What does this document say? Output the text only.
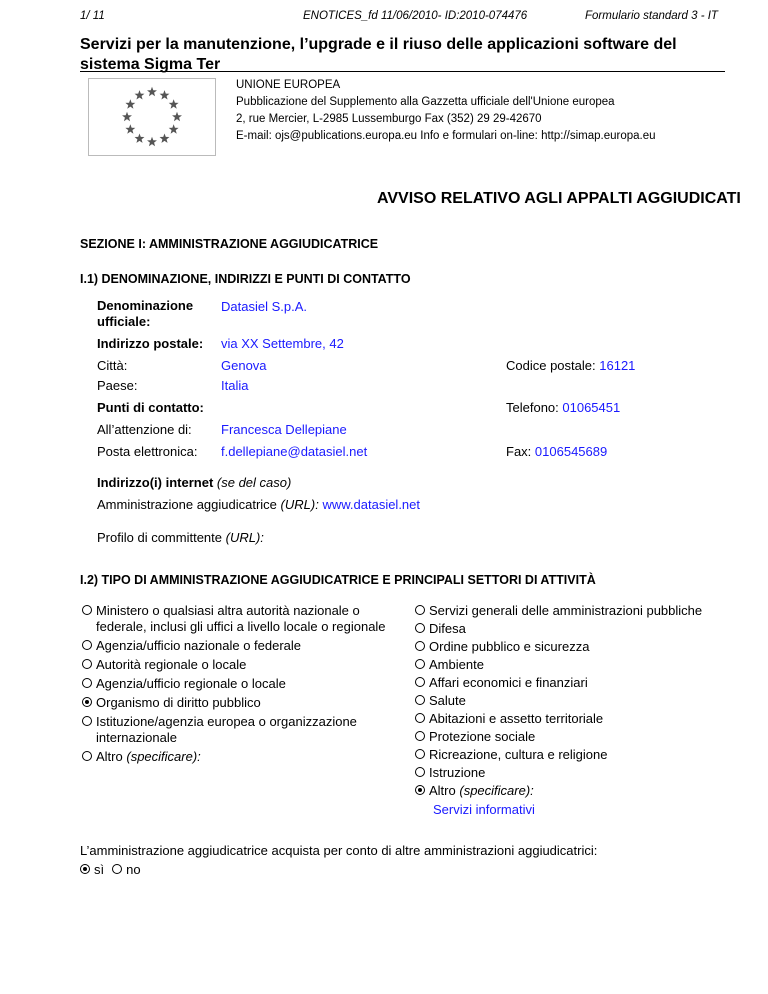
1/ 11	ENOTICES_fd 11/06/2010- ID:2010-074476	Formulario standard 3 - IT
Servizi per la manutenzione, l’upgrade e il riuso delle applicazioni software del sistema Sigma Ter
UNIONE EUROPEA
Pubblicazione del Supplemento alla Gazzetta ufficiale dell'Unione europea
2, rue Mercier, L-2985 Lussemburgo Fax (352) 29 29-42670
E-mail: ojs@publications.europa.eu Info e formulari on-line: http://simap.europa.eu
AVVISO RELATIVO AGLI APPALTI AGGIUDICATI
SEZIONE I: AMMINISTRAZIONE AGGIUDICATRICE
I.1) DENOMINAZIONE, INDIRIZZI E PUNTI DI CONTATTO
Denominazione ufficiale:
Datasiel S.p.A.
Indirizzo postale: via XX Settembre, 42
Città:	Genova	Codice postale: 16121
Paese:	Italia
Punti di contatto:	Telefono: 01065451
All’attenzione di: Francesca Dellepiane
Posta elettronica: f.dellepiane@datasiel.net	Fax: 0106545689
Indirizzo(i) internet (se del caso)
Amministrazione aggiudicatrice (URL): www.datasiel.net
Profilo di committente (URL):
I.2) TIPO DI AMMINISTRAZIONE AGGIUDICATRICE E PRINCIPALI SETTORI DI ATTIVITÀ
Ministero o qualsiasi altra autorità nazionale o federale, inclusi gli uffici a livello locale o regionale
Agenzia/ufficio nazionale o federale
Autorità regionale o locale
Agenzia/ufficio regionale o locale
Organismo di diritto pubblico
Istituzione/agenzia europea o organizzazione internazionale
Altro (specificare):
Servizi generali delle amministrazioni pubbliche
Difesa
Ordine pubblico e sicurezza
Ambiente
Affari economici e finanziari
Salute
Abitazioni e assetto territoriale
Protezione sociale
Ricreazione, cultura e religione
Istruzione
Altro (specificare):
Servizi informativi
L’amministrazione aggiudicatrice acquista per conto di altre amministrazioni aggiudicatrici:
sì no
